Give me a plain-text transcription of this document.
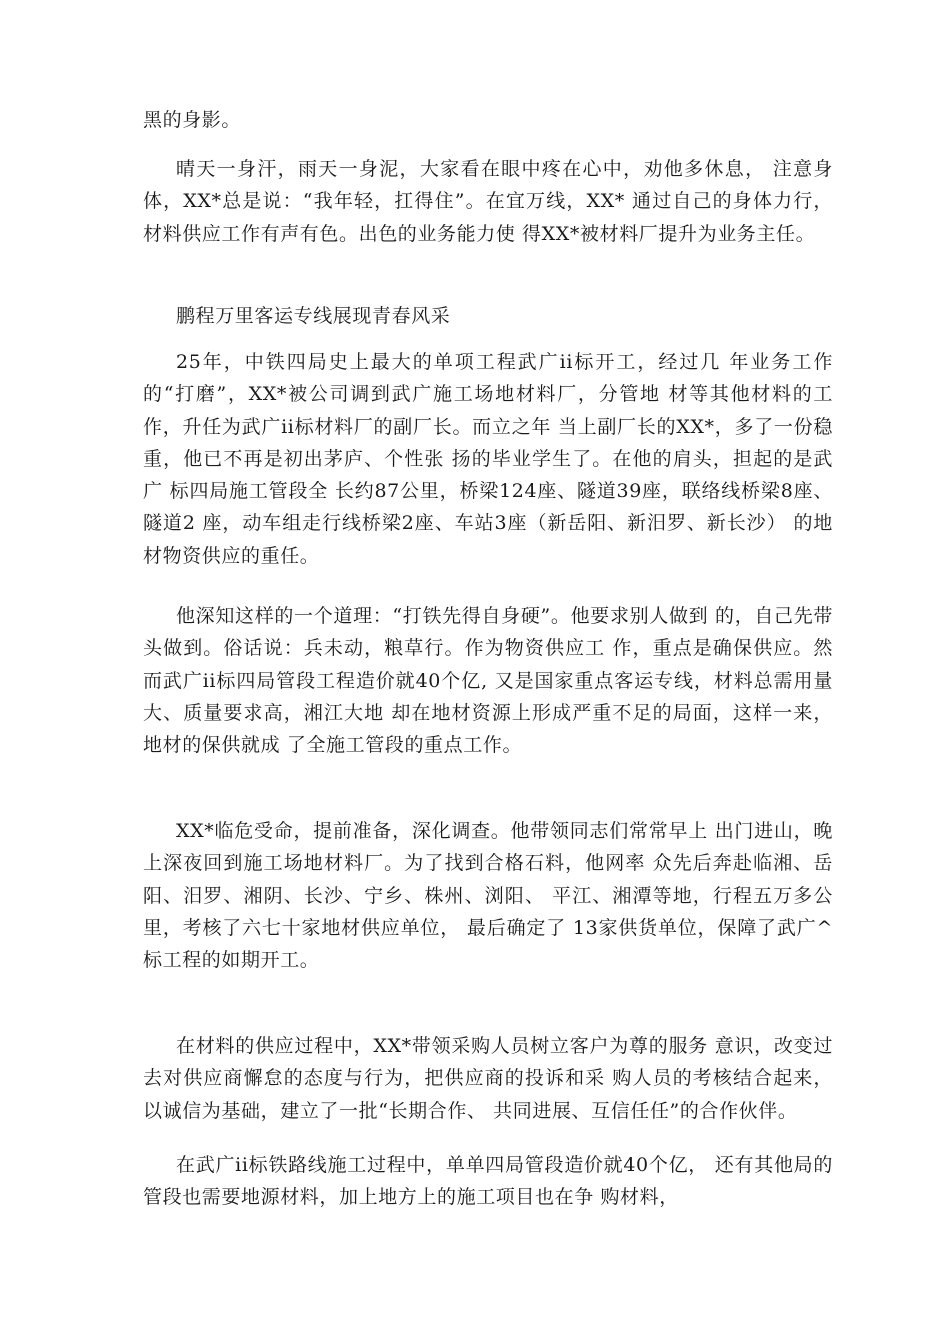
黑的身影。

晴天一身汗，雨天一身泥，大家看在眼中疼在心中，劝他多休息， 注意身体，XX*总是说：“我年轻，扛得住”。在宜万线，XX* 通过自己的身体力行，材料供应工作有声有色。出色的业务能力使 得XX*被材料厂提升为业务主任。

鹏程万里客运专线展现青春风采

25年，中铁四局史上最大的单项工程武广ii标开工，经过几 年业务工作的“打磨”，XX*被公司调到武广施工场地材料厂，分管地 材等其他材料的工作，升任为武广ii标材料厂的副厂长。而立之年 当上副厂长的XX*，多了一份稳重，他已不再是初出茅庐、个性张 扬的毕业学生了。在他的肩头，担起的是武广 标四局施工管段全 长约87公里，桥梁124座、隧道39座，联络线桥梁8座、隧道2 座，动车组走行线桥梁2座、车站3座（新岳阳、新汨罗、新长沙） 的地材物资供应的重任。

他深知这样的一个道理：“打铁先得自身硬”。他要求别人做到 的，自己先带头做到。俗话说：兵未动，粮草行。作为物资供应工 作，重点是确保供应。然而武广ii标四局管段工程造价就40个亿, 又是国家重点客运专线，材料总需用量大、质量要求高，湘江大地 却在地材资源上形成严重不足的局面，这样一来，地材的保供就成 了全施工管段的重点工作。

XX*临危受命，提前准备，深化调查。他带领同志们常常早上 出门进山，晚上深夜回到施工场地材料厂。为了找到合格石料，他网率 众先后奔赴临湘、岳阳、汨罗、湘阴、长沙、宁乡、株州、浏阳、 平江、湘潭等地，行程五万多公里，考核了六七十家地材供应单位， 最后确定了 13家供货单位，保障了武广^标工程的如期开工。

在材料的供应过程中，XX*带领采购人员树立客户为尊的服务 意识，改变过去对供应商懈怠的态度与行为，把供应商的投诉和采 购人员的考核结合起来，以诚信为基础，建立了一批“长期合作、 共同进展、互信任任”的合作伙伴。

在武广ii标铁路线施工过程中，单单四局管段造价就40个亿， 还有其他局的管段也需要地源材料，加上地方上的施工项目也在争 购材料，
